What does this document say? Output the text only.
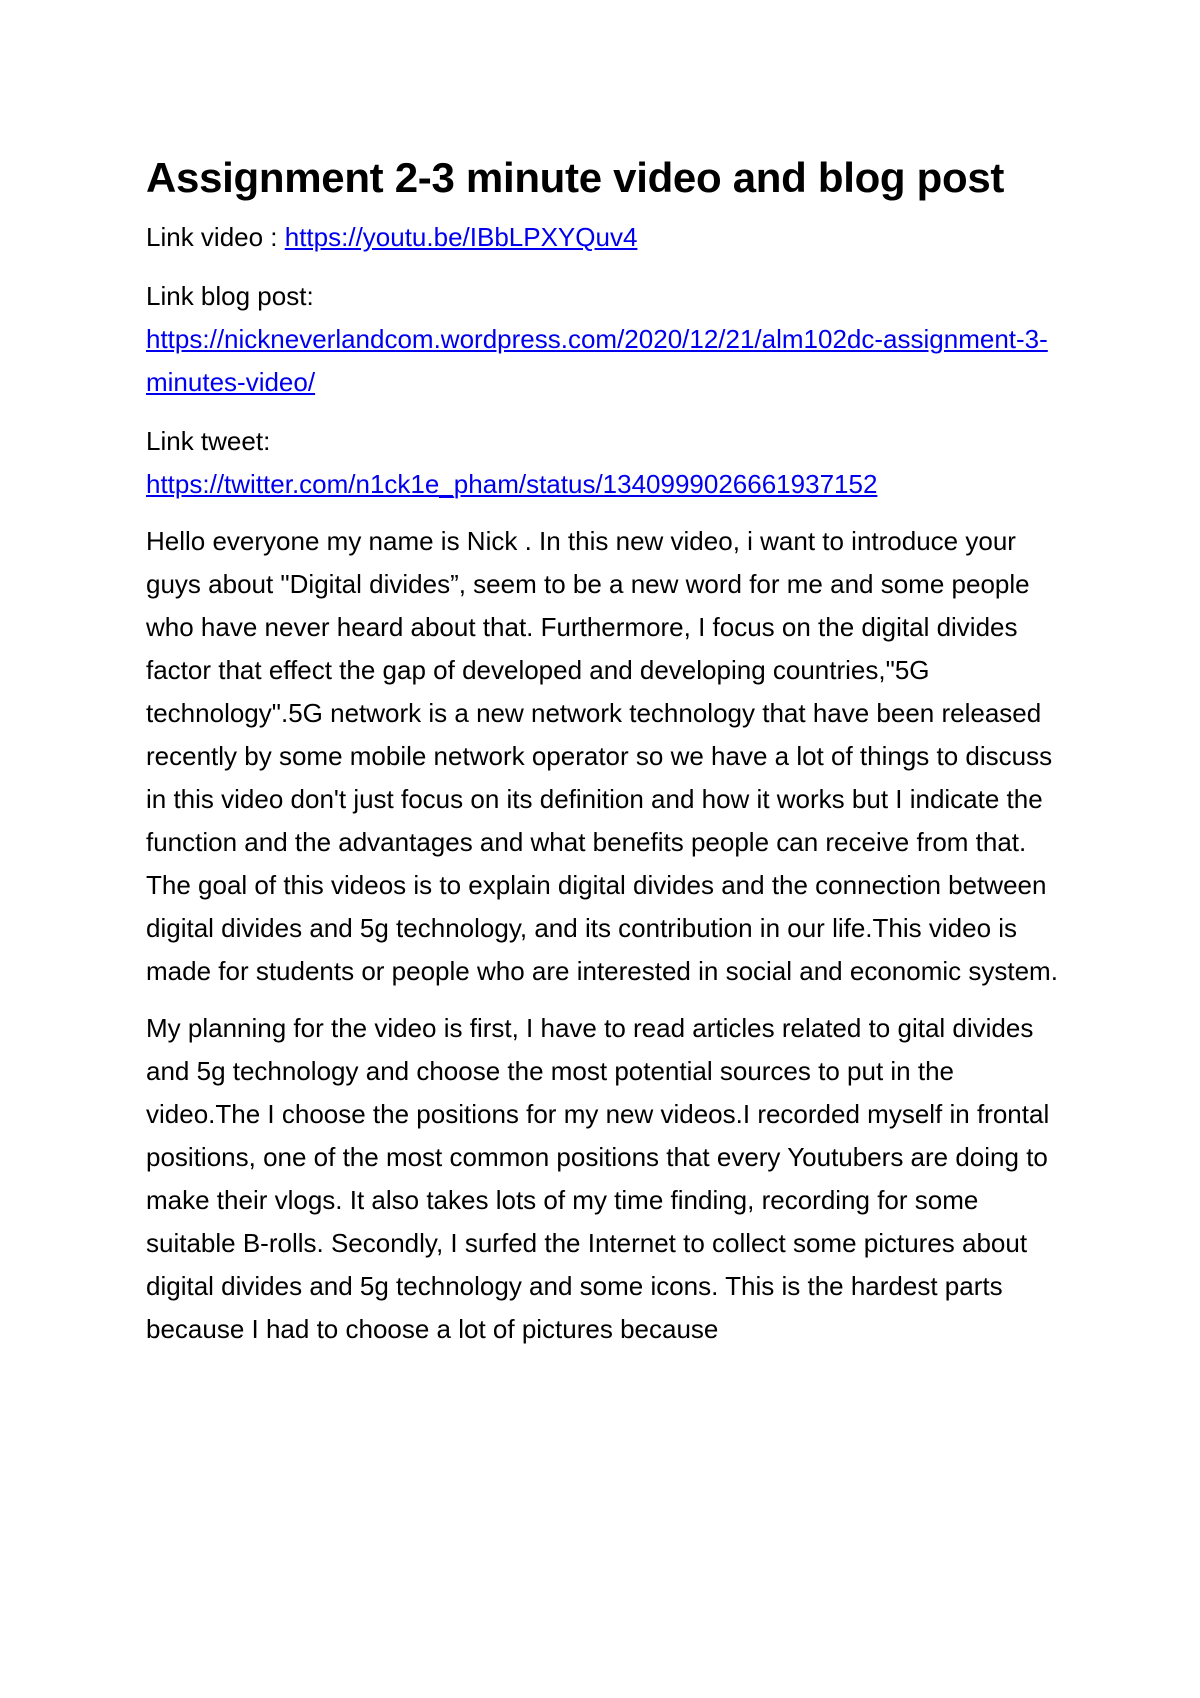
Assignment 2-3 minute video and blog post

Link video : https://youtu.be/IBbLPXYQuv4

Link blog post:

https://nickneverlandcom.wordpress.com/2020/12/21/alm102dc-assignment-3-minutes-video/

Link tweet:

https://twitter.com/n1ck1e_pham/status/1340999026661937152

Hello everyone my name is Nick . In this new video, i want to introduce your guys about "Digital divides”, seem to be a new word for me and some people who have never heard about that. Furthermore, I focus on the digital divides factor that effect the gap of developed and developing countries,"5G technology".5G network is a new network technology that have been released recently by some mobile network operator so we have a lot of things to discuss in this video don't just focus on its definition and how it works but I indicate the function and the advantages and what benefits people can receive from that. The goal of this videos is to explain digital divides and the connection between digital divides and 5g technology, and its contribution in our life.This video is made for students or people who are interested in social and economic system.

My planning for the video is first, I have to read articles related to gital divides and 5g technology and choose the most potential sources to put in the video.The I choose the positions for my new videos.I recorded myself in frontal positions, one of the most common positions that every Youtubers are doing to make their vlogs. It also takes lots of my time finding, recording for some suitable B-rolls. Secondly, I surfed the Internet to collect some pictures about digital divides and 5g technology and some icons. This is the hardest parts because I had to choose a lot of pictures because
